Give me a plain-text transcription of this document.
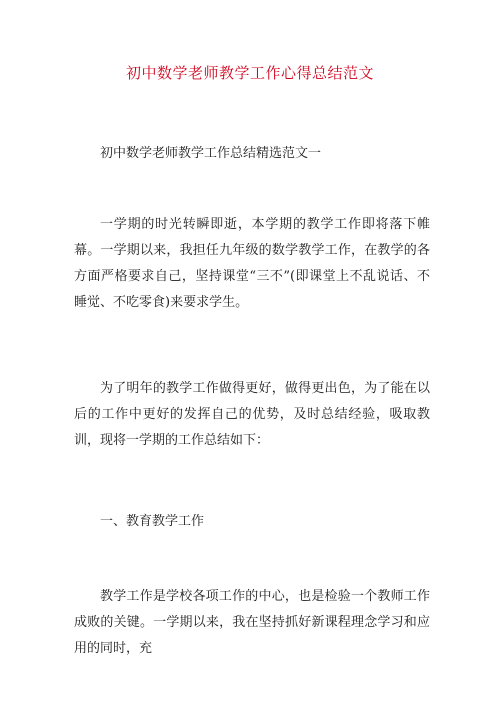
初中数学老师教学工作心得总结范文

初中数学老师教学工作总结精选范文一

一学期的时光转瞬即逝，本学期的教学工作即将落下帷幕。一学期以来，我担任九年级的数学教学工作，在教学的各方面严格要求自己，坚持课堂“三不”(即课堂上不乱说话、不睡觉、不吃零食)来要求学生。

为了明年的教学工作做得更好，做得更出色，为了能在以后的工作中更好的发挥自己的优势，及时总结经验，吸取教训，现将一学期的工作总结如下：

一、教育教学工作

教学工作是学校各项工作的中心，也是检验一个教师工作成败的关键。一学期以来，我在坚持抓好新课程理念学习和应用的同时，充
